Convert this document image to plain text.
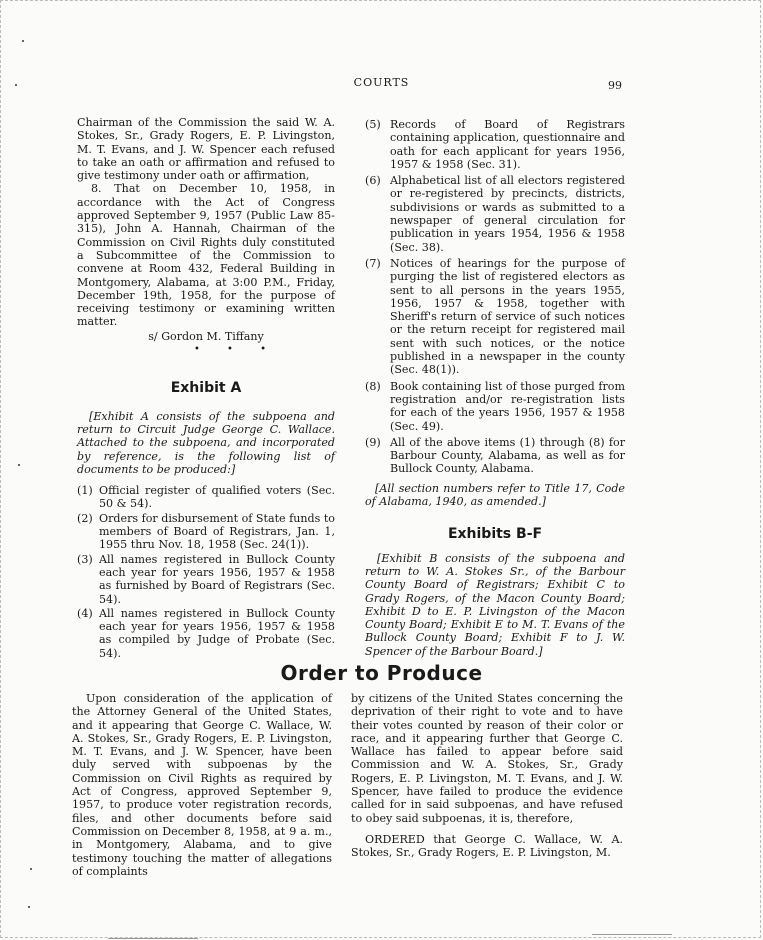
COURTS	99

Chairman of the Commission the said W. A. Stokes, Sr., Grady Rogers, E. P. Livingston, M. T. Evans, and J. W. Spencer each refused to take an oath or affirmation and refused to give testimony under oath or affirmation,

8. That on December 10, 1958, in accordance with the Act of Congress approved September 9, 1957 (Public Law 85-315), John A. Hannah, Chairman of the Commission on Civil Rights duly constituted a Subcommittee of the Commission to convene at Room 432, Federal Building in Montgomery, Alabama, at 3:00 P.M., Friday, December 19th, 1958, for the purpose of receiving testimony or examining written matter.

s/ Gordon M. Tiffany

• • •

Exhibit A

[Exhibit A consists of the subpoena and return to Circuit Judge George C. Wallace. Attached to the subpoena, and incorporated by reference, is the following list of documents to be produced:]

(1) Official register of qualified voters (Sec. 50 & 54).
(2) Orders for disbursement of State funds to members of Board of Registrars, Jan. 1, 1955 thru Nov. 18, 1958 (Sec. 24(1)).
(3) All names registered in Bullock County each year for years 1956, 1957 & 1958 as furnished by Board of Registrars (Sec. 54).
(4) All names registered in Bullock County each year for years 1956, 1957 & 1958 as compiled by Judge of Probate (Sec. 54).
(5) Records of Board of Registrars containing application, questionnaire and oath for each applicant for years 1956, 1957 & 1958 (Sec. 31).
(6) Alphabetical list of all electors registered or re-registered by precincts, districts, subdivisions or wards as submitted to a newspaper of general circulation for publication in years 1954, 1956 & 1958 (Sec. 38).
(7) Notices of hearings for the purpose of purging the list of registered electors as sent to all persons in the years 1955, 1956, 1957 & 1958, together with Sheriff's return of service of such notices or the return receipt for registered mail sent with such notices, or the notice published in a newspaper in the county (Sec. 48(1)).
(8) Book containing list of those purged from registration and/or re-registration lists for each of the years 1956, 1957 & 1958 (Sec. 49).
(9) All of the above items (1) through (8) for Barbour County, Alabama, as well as for Bullock County, Alabama.

[All section numbers refer to Title 17, Code of Alabama, 1940, as amended.]

Exhibits B-F

[Exhibit B consists of the subpoena and return to W. A. Stokes Sr., of the Barbour County Board of Registrars; Exhibit C to Grady Rogers, of the Macon County Board; Exhibit D to E. P. Livingston of the Macon County Board; Exhibit E to M. T. Evans of the Bullock County Board; Exhibit F to J. W. Spencer of the Barbour Board.]

Order to Produce

Upon consideration of the application of the Attorney General of the United States, and it appearing that George C. Wallace, W. A. Stokes, Sr., Grady Rogers, E. P. Livingston, M. T. Evans, and J. W. Spencer, have been duly served with subpoenas by the Commission on Civil Rights as required by Act of Congress, approved September 9, 1957, to produce voter registration records, files, and other documents before said Commission on December 8, 1958, at 9 a. m., in Montgomery, Alabama, and to give testimony touching the matter of allegations of complaints

by citizens of the United States concerning the deprivation of their right to vote and to have their votes counted by reason of their color or race, and it appearing further that George C. Wallace has failed to appear before said Commission and W. A. Stokes, Sr., Grady Rogers, E. P. Livingston, M. T. Evans, and J. W. Spencer, have failed to produce the evidence called for in said subpoenas, and have refused to obey said subpoenas, it is, therefore,

ORDERED that George C. Wallace, W. A. Stokes, Sr., Grady Rogers, E. P. Livingston, M.
